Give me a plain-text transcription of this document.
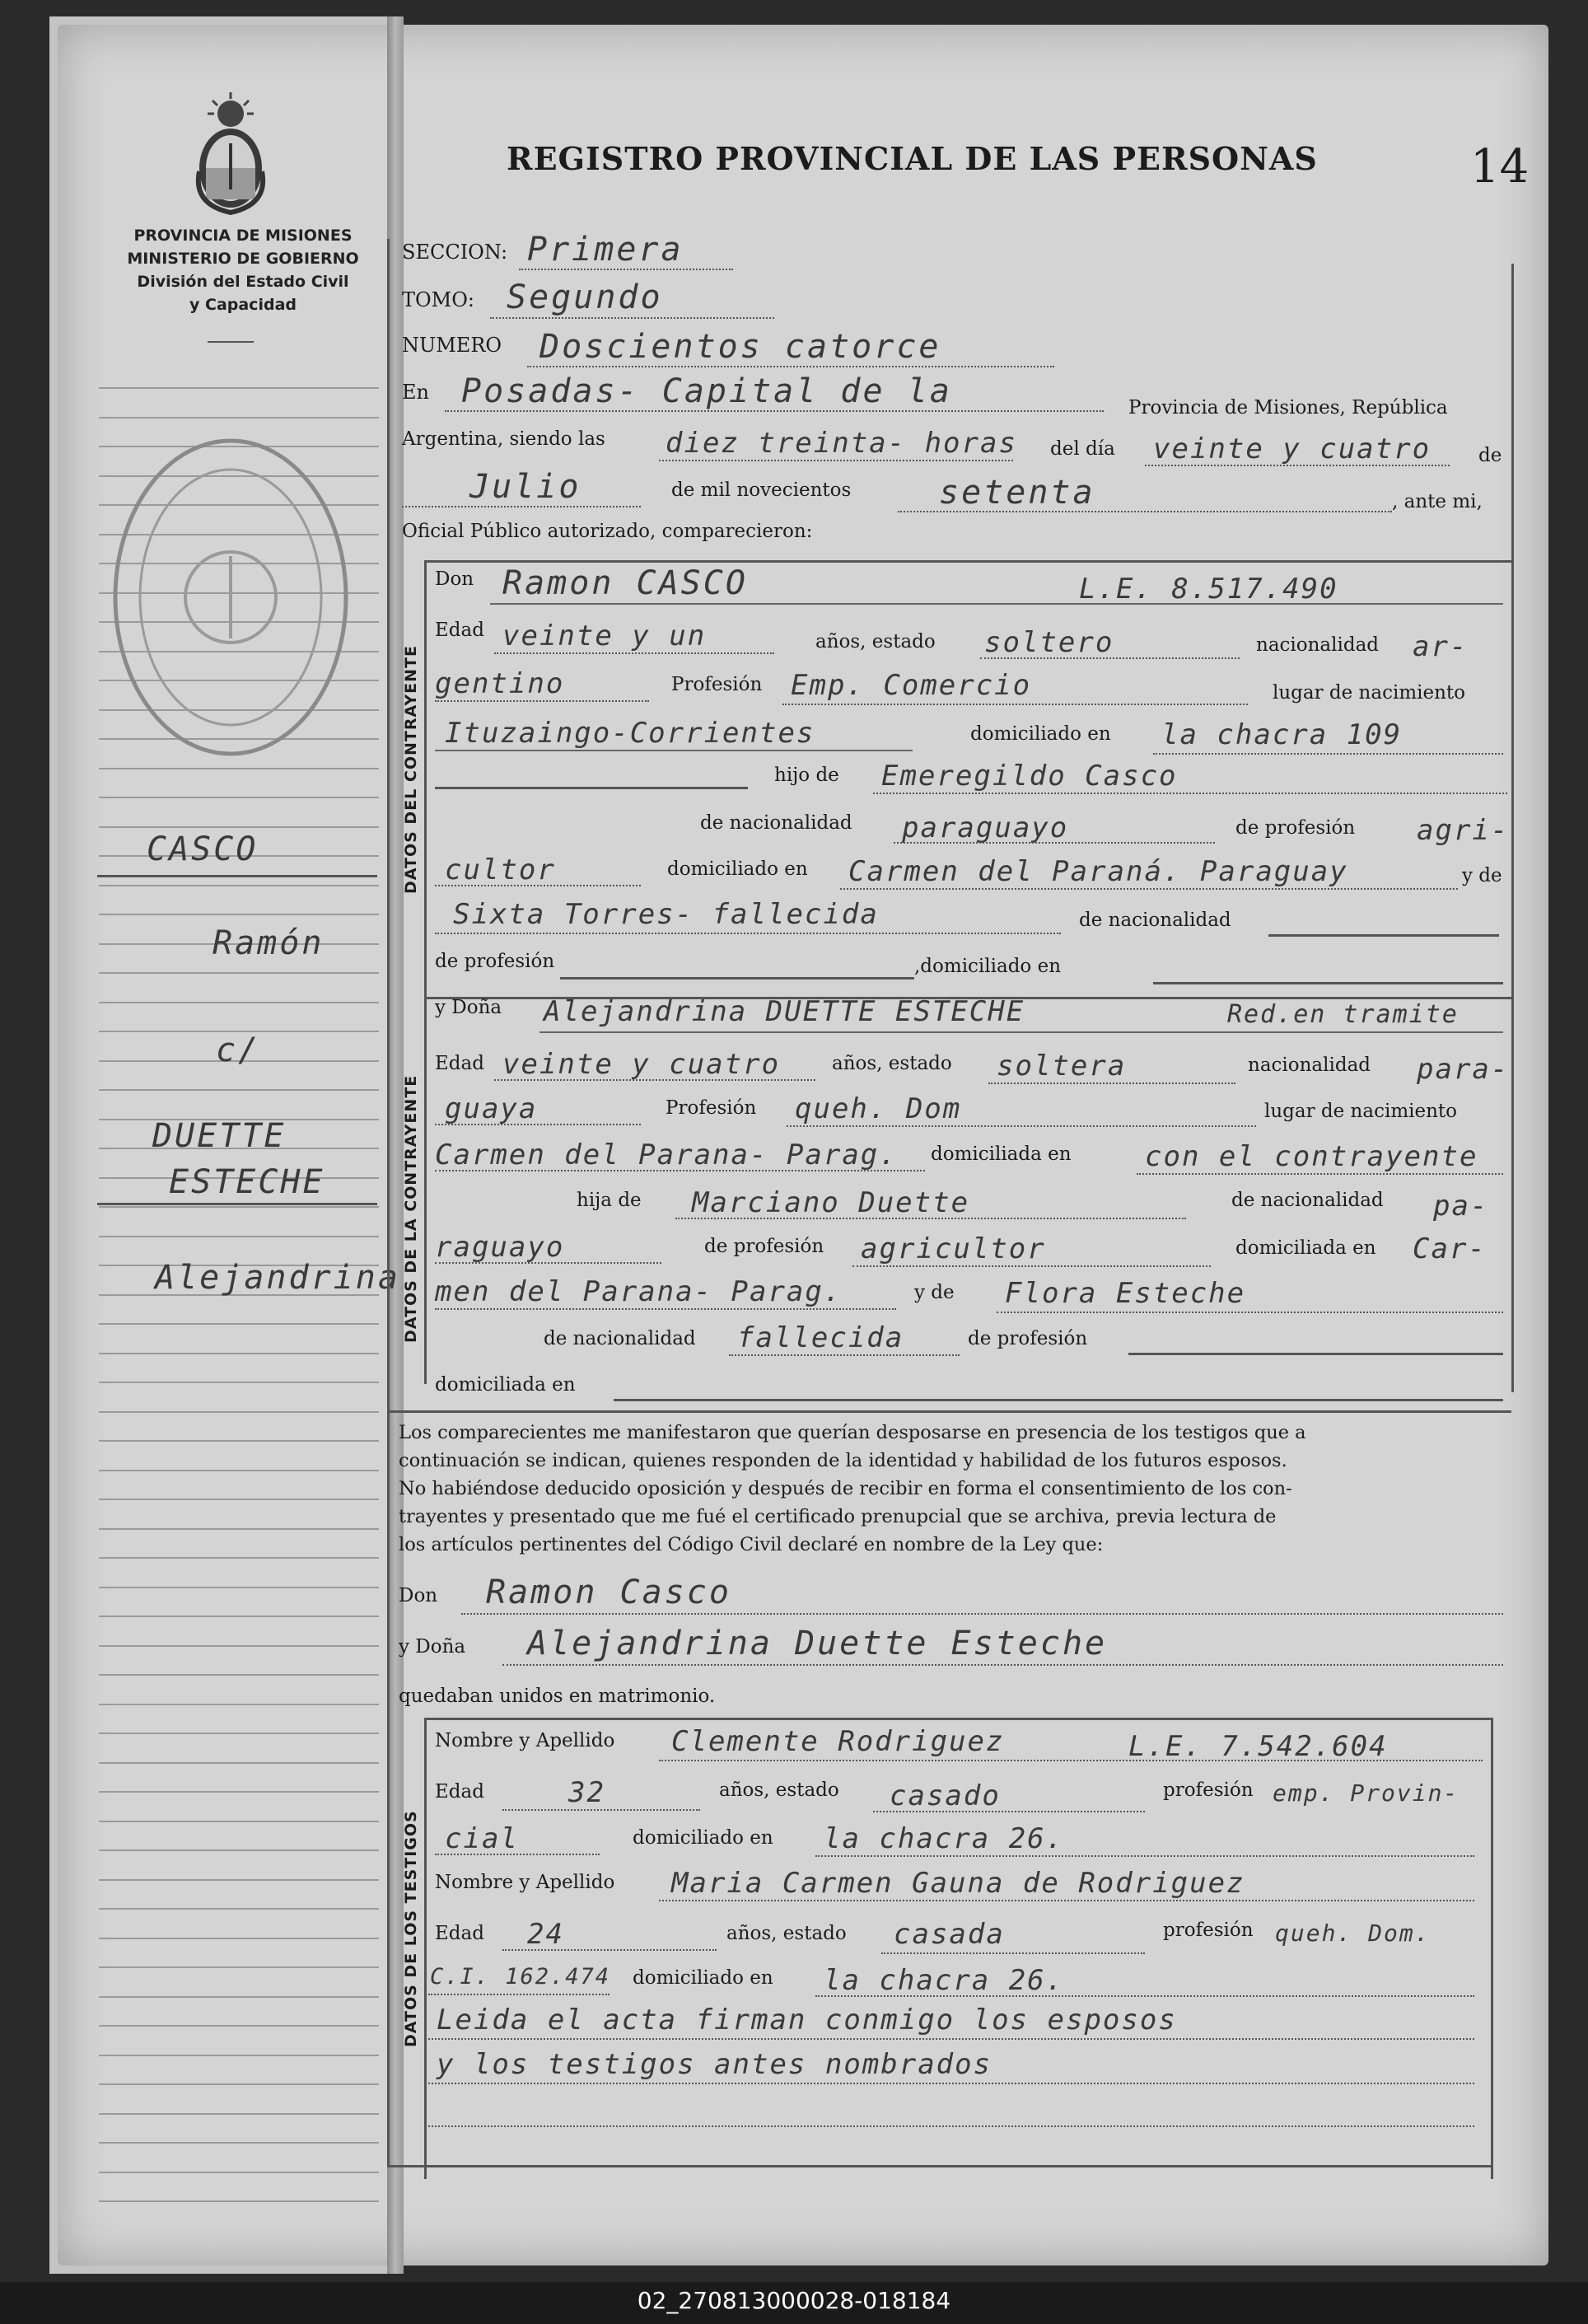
PROVINCIA DE MISIONES
MINISTERIO DE GOBIERNO
División del Estado Civil
y Capacidad
REGISTRO PROVINCIAL DE LAS PERSONAS	14
CASCO
Ramón
c/
DUETTE
ESTECHE
Alejandrina
DATOS DEL CONTRAYENTE
DATOS DE LA CONTRAYENTE
DATOS DE LOS TESTIGOS
SECCION: Primera
TOMO: Segundo
NUMERO Doscientos catorce
En Posadas- Capital de la	Provincia de Misiones, República
Argentina, siendo las diez treinta- horas del día veinte y cuatro	de
Julio	de mil novecientos	setenta	, ante mi,
Oficial Público autorizado, comparecieron:
Don Ramon CASCO	L.E. 8.517.490
Edad veinte y un	años, estado soltero	nacionalidad ar-
gentino	Profesión Emp. Comercio	lugar de nacimiento
Ituzaingo-Corrientes	domiciliado en la chacra 109
hijo de Emeregildo Casco
de nacionalidad paraguayo	de profesión agri-
cultor	domiciliado en Carmen del Paraná. Paraguay	y de
Sixta Torres- fallecida	de nacionalidad
de profesión	,domiciliado en
y Doña Alejandrina DUETTE ESTECHE	Red.en tramite
Edad veinte y cuatro	años, estado soltera	nacionalidad para-
guaya	Profesión queh. Dom	lugar de nacimiento
Carmen del Parana- Parag. domiciliada en	con el contrayente
hija de Marciano Duette	de nacionalidad pa-
raguayo	de profesión agricultor	domiciliada en Car-
men del Parana- Parag.	y de Flora Esteche
de nacionalidad fallecida	de profesión
domiciliada en
Los comparecientes me manifestaron que querían desposarse en presencia de los testigos que a
continuación se indican, quienes responden de la identidad y habilidad de los futuros esposos.
No habiéndose deducido oposición y después de recibir en forma el consentimiento de los con-
trayentes y presentado que me fué el certificado prenupcial que se archiva, previa lectura de
los artículos pertinentes del Código Civil declaré en nombre de la Ley que:
Don Ramon Casco
y Doña Alejandrina Duette Esteche
quedaban unidos en matrimonio.
Nombre y Apellido Clemente Rodriguez	L.E. 7.542.604
Edad	32	años, estado casado	profesión emp. Provin-
cial	domiciliado en la chacra 26.
Nombre y Apellido Maria Carmen Gauna de Rodriguez
Edad 24	años, estado casada	profesión queh. Dom.
C.I. 162.474 domiciliado en la chacra 26.
Leida el acta firman conmigo los esposos
y los testigos antes nombrados
02_270813000028-018184
